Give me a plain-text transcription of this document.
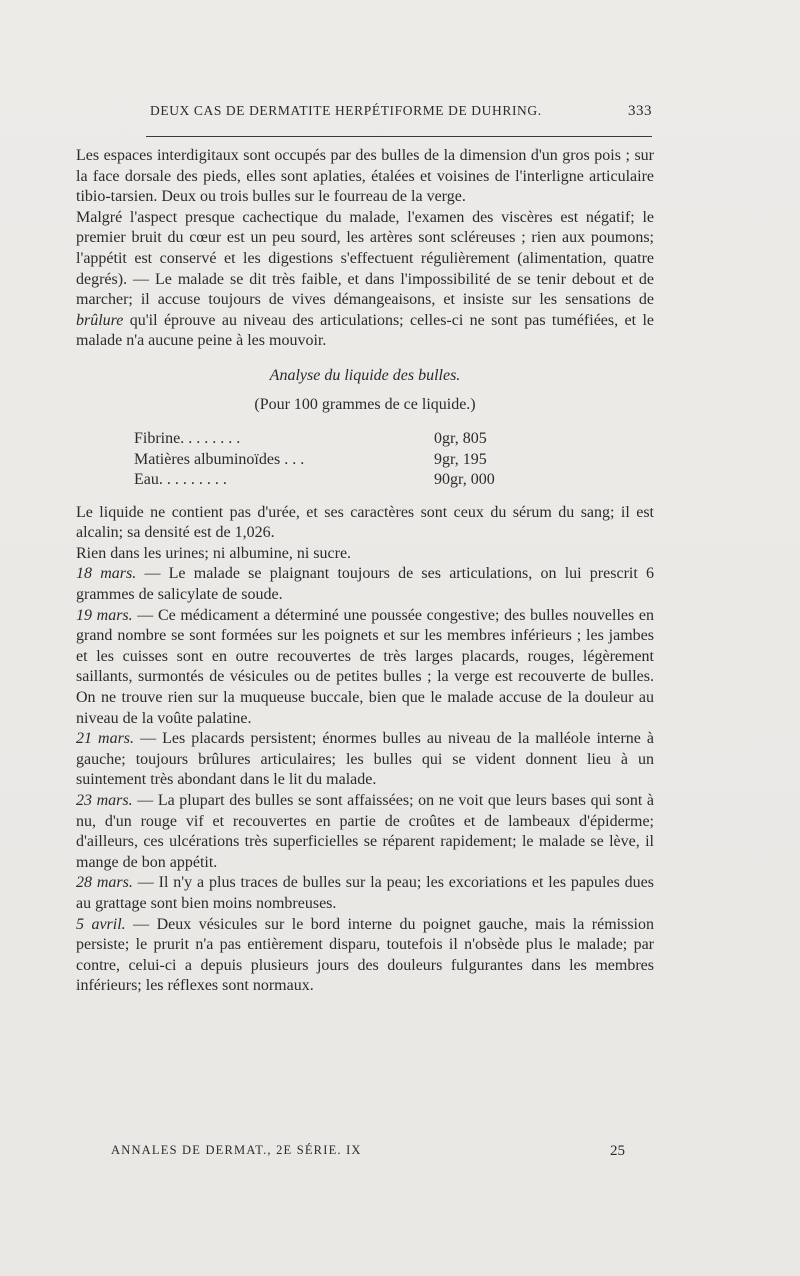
DEUX CAS DE DERMATITE HERPÉTIFORME DE DUHRING.	333

Les espaces interdigitaux sont occupés par des bulles de la dimension d'un gros pois ; sur la face dorsale des pieds, elles sont aplaties, étalées et voisines de l'interligne articulaire tibio-tarsien. Deux ou trois bulles sur le fourreau de la verge.

Malgré l'aspect presque cachectique du malade, l'examen des viscères est négatif; le premier bruit du cœur est un peu sourd, les artères sont scléreuses ; rien aux poumons; l'appétit est conservé et les digestions s'effectuent régulièrement (alimentation, quatre degrés). — Le malade se dit très faible, et dans l'impossibilité de se tenir debout et de marcher; il accuse toujours de vives démangeaisons, et insiste sur les sensations de brûlure qu'il éprouve au niveau des articulations; celles-ci ne sont pas tuméfiées, et le malade n'a aucune peine à les mouvoir.

Analyse du liquide des bulles.

(Pour 100 grammes de ce liquide.)

Fibrine. . . . . . . .	0gr, 805
Matières albuminoïdes . . .	9gr, 195
Eau. . . . . . . . .	90gr, 000

Le liquide ne contient pas d'urée, et ses caractères sont ceux du sérum du sang; il est alcalin; sa densité est de 1,026.

Rien dans les urines; ni albumine, ni sucre.

18 mars. — Le malade se plaignant toujours de ses articulations, on lui prescrit 6 grammes de salicylate de soude.

19 mars. — Ce médicament a déterminé une poussée congestive; des bulles nouvelles en grand nombre se sont formées sur les poignets et sur les membres inférieurs ; les jambes et les cuisses sont en outre recouvertes de très larges placards, rouges, légèrement saillants, surmontés de vésicules ou de petites bulles ; la verge est recouverte de bulles. On ne trouve rien sur la muqueuse buccale, bien que le malade accuse de la douleur au niveau de la voûte palatine.

21 mars. — Les placards persistent; énormes bulles au niveau de la malléole interne à gauche; toujours brûlures articulaires; les bulles qui se vident donnent lieu à un suintement très abondant dans le lit du malade.

23 mars. — La plupart des bulles se sont affaissées; on ne voit que leurs bases qui sont à nu, d'un rouge vif et recouvertes en partie de croûtes et de lambeaux d'épiderme; d'ailleurs, ces ulcérations très superficielles se réparent rapidement; le malade se lève, il mange de bon appétit.

28 mars. — Il n'y a plus traces de bulles sur la peau; les excoriations et les papules dues au grattage sont bien moins nombreuses.

5 avril. — Deux vésicules sur le bord interne du poignet gauche, mais la rémission persiste; le prurit n'a pas entièrement disparu, toutefois il n'obsède plus le malade; par contre, celui-ci a depuis plusieurs jours des douleurs fulgurantes dans les membres inférieurs; les réflexes sont normaux.

ANNALES DE DERMAT., 2E SÉRIE. IX	25
